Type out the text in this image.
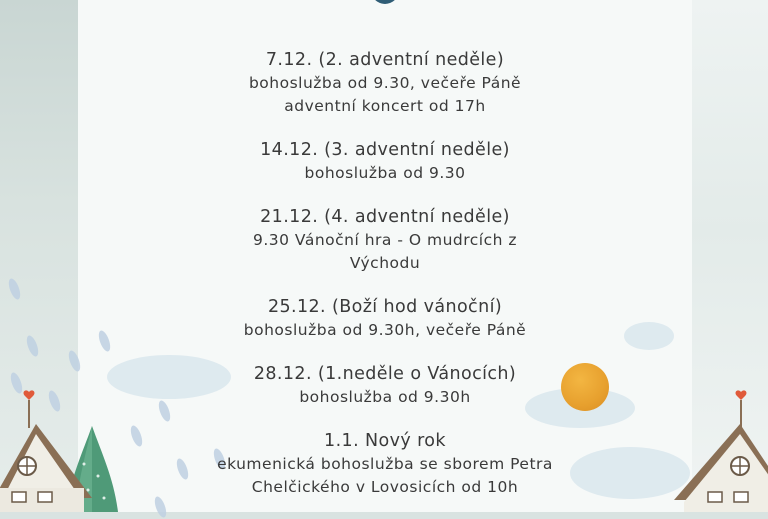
7.12. (2. adventní neděle)
bohoslužba od 9.30, večeře Páně
adventní koncert od 17h
14.12. (3. adventní neděle)
bohoslužba od 9.30
21.12. (4. adventní neděle)
9.30 Vánoční hra - O mudrcích z
Východu
25.12. (Boží hod vánoční)
bohoslužba od 9.30h, večeře Páně
28.12. (1.neděle o Vánocích)
bohoslužba od 9.30h
1.1. Nový rok
ekumenická bohoslužba se sborem Petra
Chelčického v Lovosicích od 10h
